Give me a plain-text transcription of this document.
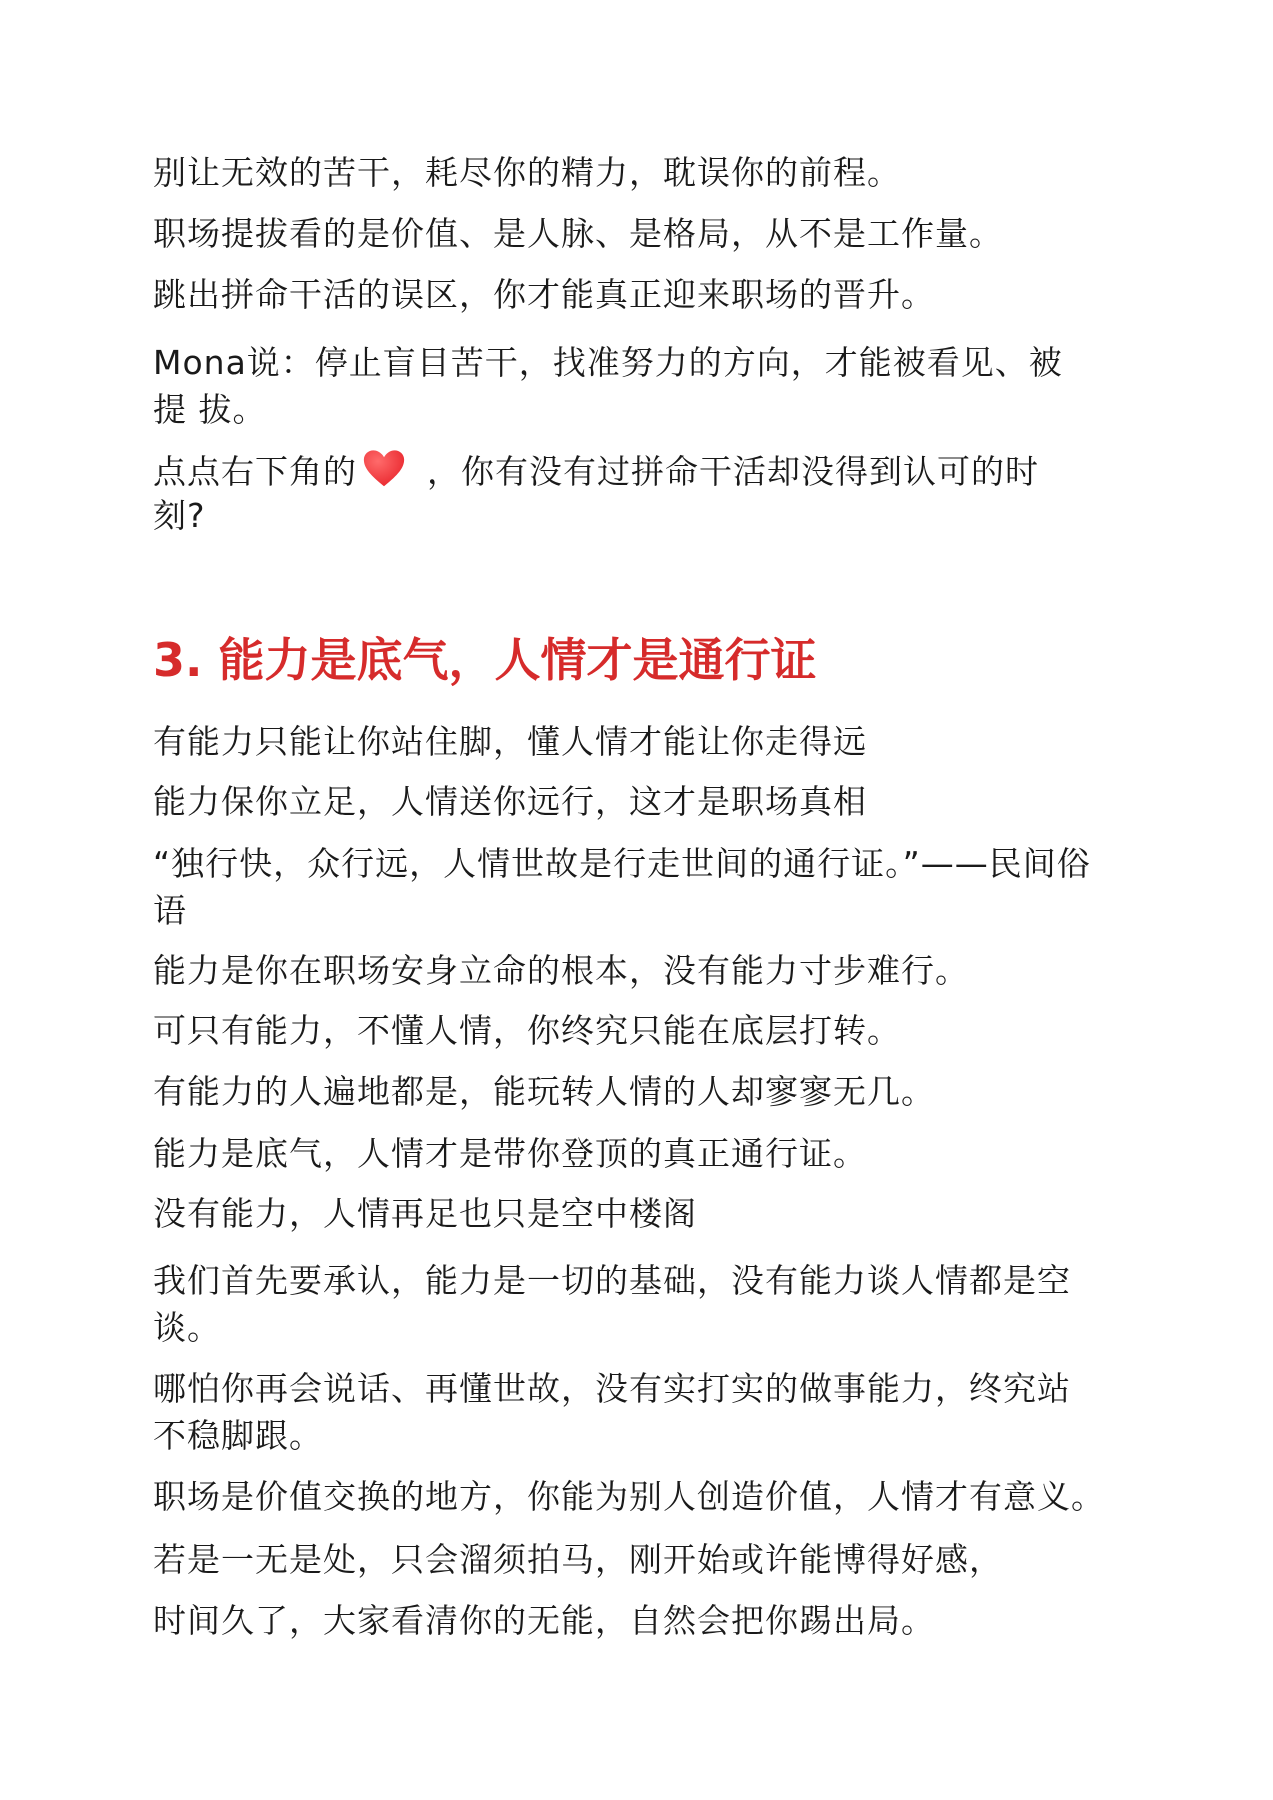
别让无效的苦干，耗尽你的精力，耽误你的前程。
职场提拔看的是价值、是人脉、是格局，从不是工作量。
跳出拼命干活的误区，你才能真正迎来职场的晋升。
Mona说：停止盲目苦干，找准努力的方向，才能被看见、被
提 拔。
点点右下角的 ，你有没有过拼命干活却没得到认可的时
刻?
3. 能力是底气，人情才是通行证
有能力只能让你站住脚，懂人情才能让你走得远
能力保你立足，人情送你远行，这才是职场真相
“独行快，众行远，人情世故是行走世间的通行证。”——民间俗
语
能力是你在职场安身立命的根本，没有能力寸步难行。
可只有能力，不懂人情，你终究只能在底层打转。
有能力的人遍地都是，能玩转人情的人却寥寥无几。
能力是底气，人情才是带你登顶的真正通行证。
没有能力，人情再足也只是空中楼阁
我们首先要承认，能力是一切的基础，没有能力谈人情都是空
谈。
哪怕你再会说话、再懂世故，没有实打实的做事能力，终究站
不稳脚跟。
职场是价值交换的地方，你能为别人创造价值，人情才有意义。
若是一无是处，只会溜须拍马，刚开始或许能博得好感，
时间久了，大家看清你的无能，自然会把你踢出局。
